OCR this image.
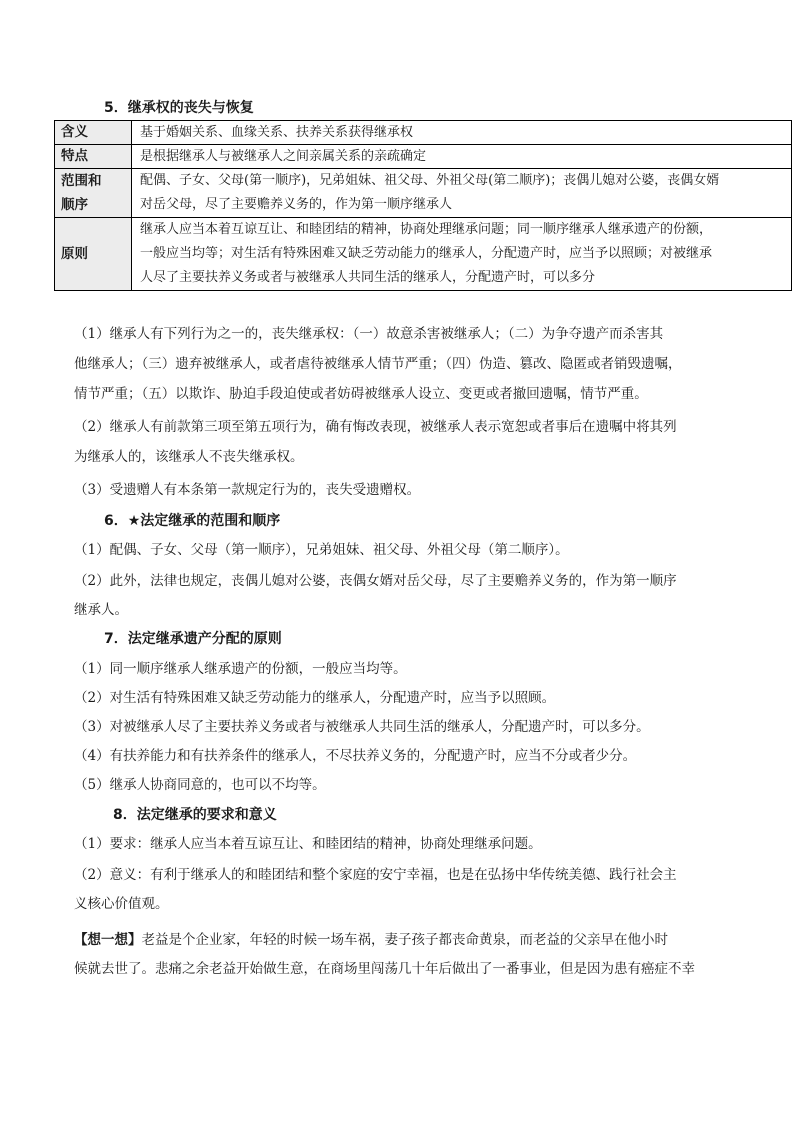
5．继承权的丧失与恢复
含义	基于婚姻关系、血缘关系、扶养关系获得继承权

特点	是根据继承人与被继承人之间亲属关系的亲疏确定

范围和
顺序	配偶、子女、父母(第一顺序)，兄弟姐妹、祖父母、外祖父母(第二顺序)；丧偶儿媳对公婆，丧偶女婿
对岳父母，尽了主要赡养义务的，作为第一顺序继承人

原则	继承人应当本着互谅互让、和睦团结的精神，协商处理继承问题；同一顺序继承人继承遗产的份额，
一般应当均等；对生活有特殊困难又缺乏劳动能力的继承人，分配遗产时，应当予以照顾；对被继承
人尽了主要扶养义务或者与被继承人共同生活的继承人，分配遗产时，可以多分
（1）继承人有下列行为之一的，丧失继承权：（一）故意杀害被继承人；（二）为争夺遗产而杀害其
他继承人；（三）遗弃被继承人，或者虐待被继承人情节严重；（四）伪造、篡改、隐匿或者销毁遗嘱，
情节严重；（五）以欺诈、胁迫手段迫使或者妨碍被继承人设立、变更或者撤回遗嘱，情节严重。
（2）继承人有前款第三项至第五项行为，确有悔改表现，被继承人表示宽恕或者事后在遗嘱中将其列
为继承人的，该继承人不丧失继承权。
（3）受遗赠人有本条第一款规定行为的，丧失受遗赠权。
6．★法定继承的范围和顺序
（1）配偶、子女、父母（第一顺序），兄弟姐妹、祖父母、外祖父母（第二顺序）。
（2）此外，法律也规定，丧偶儿媳对公婆，丧偶女婿对岳父母，尽了主要赡养义务的，作为第一顺序
继承人。
7．法定继承遗产分配的原则
（1）同一顺序继承人继承遗产的份额，一般应当均等。
（2）对生活有特殊困难又缺乏劳动能力的继承人，分配遗产时，应当予以照顾。
（3）对被继承人尽了主要扶养义务或者与被继承人共同生活的继承人，分配遗产时，可以多分。
（4）有扶养能力和有扶养条件的继承人，不尽扶养义务的，分配遗产时，应当不分或者少分。
（5）继承人协商同意的，也可以不均等。
8．法定继承的要求和意义
（1）要求：继承人应当本着互谅互让、和睦团结的精神，协商处理继承问题。
（2）意义：有利于继承人的和睦团结和整个家庭的安宁幸福，也是在弘扬中华传统美德、践行社会主
义核心价值观。
【想一想】老益是个企业家，年轻的时候一场车祸，妻子孩子都丧命黄泉，而老益的父亲早在他小时
候就去世了。悲痛之余老益开始做生意，在商场里闯荡几十年后做出了一番事业，但是因为患有癌症不幸
